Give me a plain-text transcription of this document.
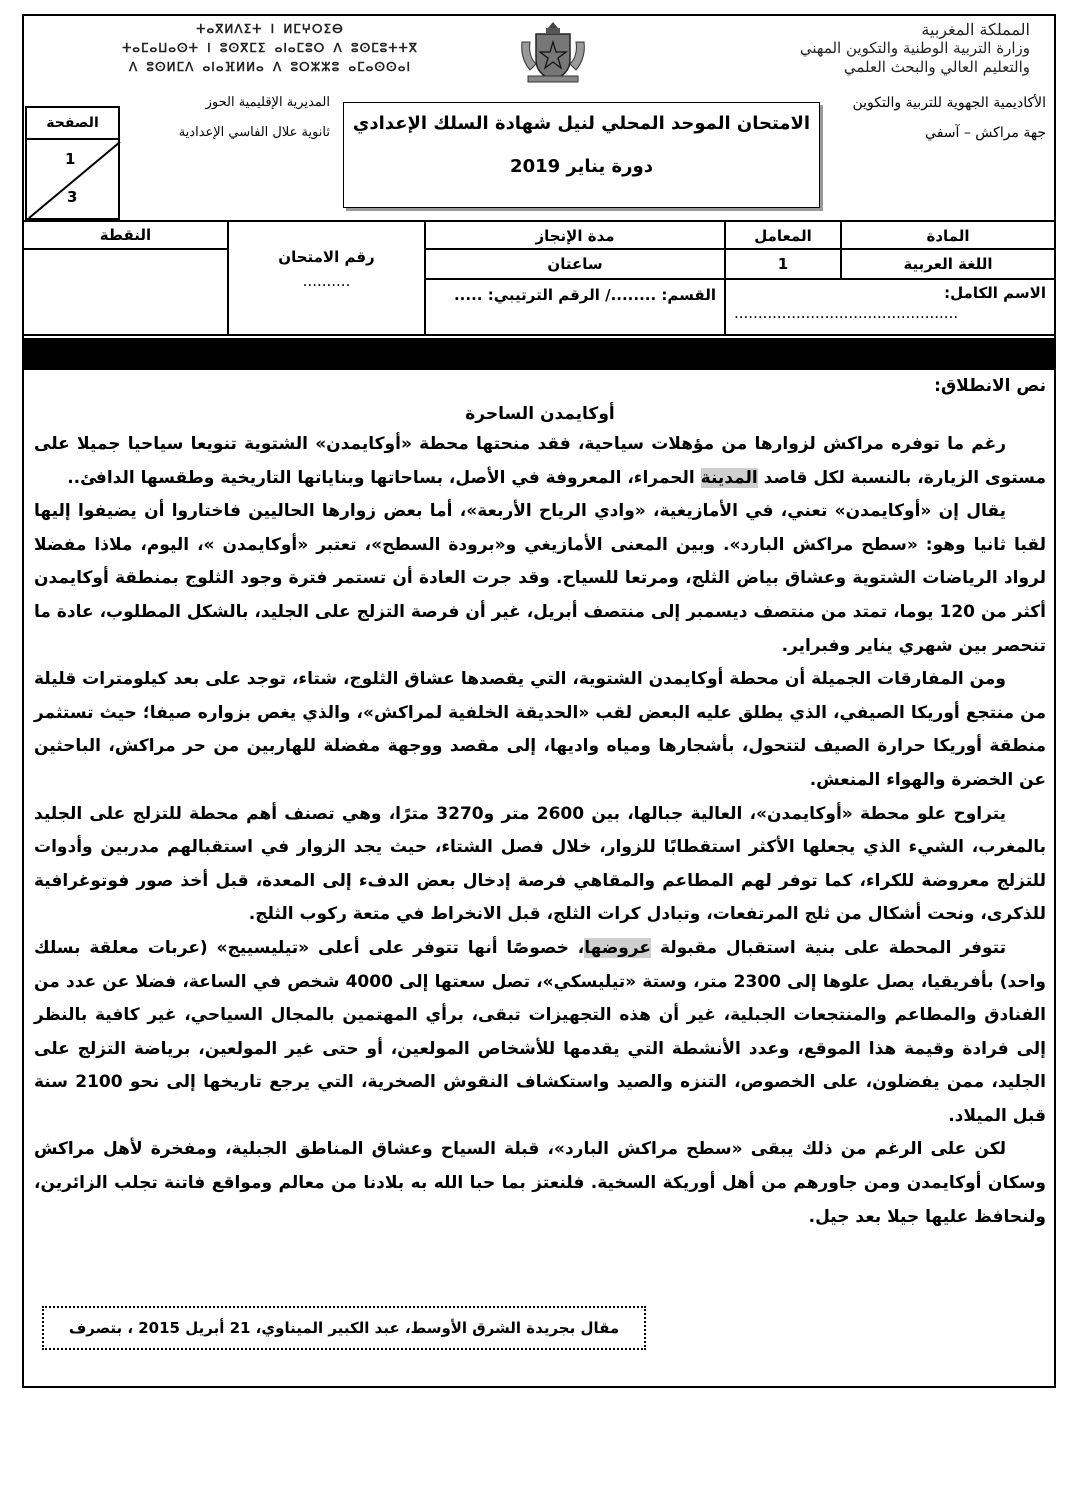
المملكة المغربية
وزارة التربية الوطنية والتكوين المهني
والتعليم العالي والبحث العلمي
ⵜⴰⴳⵍⴷⵉⵜ ⵏ ⵍⵎⵖⵔⵉⴱ
ⵜⴰⵎⴰⵡⴰⵙⵜ ⵏ ⵓⵙⴳⵎⵉ ⴰⵏⴰⵎⵓⵔ ⴷ ⵓⵙⵎⵓⵜⵜⴳ
ⴷ ⵓⵙⵍⵎⴷ ⴰⵏⴰⴼⵍⵍⴰ ⴷ ⵓⵔⵣⵣⵓ ⴰⵎⴰⵙⵙⴰⵏ
الأكاديمية الجهوية للتربية والتكوين
جهة مراكش – آسفي
المديرية الإقليمية الحوز
ثانوية علال الفاسي الإعدادية	الامتحان الموحد المحلي لنيل شهادة السلك الإعدادي
دورة يناير 2019
الصفحة
1
3
المادة
المعامل
مدة الإنجاز
رقم الامتحان
..........
النقطة
اللغة العربية
1
ساعتان
الاسم الكامل:
...............................................
القسم: ......../ الرقم الترتيبي: .....
نص الانطلاق:
أوكايمدن الساحرة

رغم ما توفره مراكش لزوارها من مؤهلات سياحية، فقد منحتها محطة «أوكايمدن» الشتوية تنويعا سياحيا جميلا على مستوى الزيارة، بالنسبة لكل قاصد المدينة الحمراء، المعروفة في الأصل، بساحاتها وبناياتها التاريخية وطقسها الدافئ..

يقال إن «أوكايمدن» تعني، في الأمازيغية، «وادي الرياح الأربعة»، أما بعض زوارها الحاليين فاختاروا أن يضيفوا إليها لقبا ثانيا وهو: «سطح مراكش البارد». وبين المعنى الأمازيغي و«برودة السطح»، تعتبر «أوكايمدن »، اليوم، ملاذا مفضلا لرواد الرياضات الشتوية وعشاق بياض الثلج، ومرتعا للسياح. وقد جرت العادة أن تستمر فترة وجود الثلوج بمنطقة أوكايمدن أكثر من 120 يوما، تمتد من منتصف ديسمبر إلى منتصف أبريل، غير أن فرصة التزلج على الجليد، بالشكل المطلوب، عادة ما تنحصر بين شهري يناير وفبراير.

ومن المفارقات الجميلة أن محطة أوكايمدن الشتوية، التي يقصدها عشاق الثلوج، شتاء، توجد على بعد كيلومترات قليلة من منتجع أوريكا الصيفي، الذي يطلق عليه البعض لقب «الحديقة الخلفية لمراكش»، والذي يغص بزواره صيفا؛ حيث تستثمر منطقة أوريكا حرارة الصيف لتتحول، بأشجارها ومياه واديها، إلى مقصد ووجهة مفضلة للهاربين من حر مراكش، الباحثين عن الخضرة والهواء المنعش.

يتراوح علو محطة «أوكايمدن»، العالية جبالها، بين 2600 متر و3270 مترًا، وهي تصنف أهم محطة للتزلج على الجليد بالمغرب، الشيء الذي يجعلها الأكثر استقطابًا للزوار، خلال فصل الشتاء، حيث يجد الزوار في استقبالهم مدربين وأدوات للتزلج معروضة للكراء، كما توفر لهم المطاعم والمقاهي فرصة إدخال بعض الدفء إلى المعدة، قبل أخذ صور فوتوغرافية للذكرى، ونحت أشكال من ثلج المرتفعات، وتبادل كرات الثلج، قبل الانخراط في متعة ركوب الثلج.

تتوفر المحطة على بنية استقبال مقبولة عروضها، خصوصًا أنها تتوفر على أعلى «تيليسييج» (عربات معلقة بسلك واحد) بأفريقيا، يصل علوها إلى 2300 متر، وستة «تيليسكي»، تصل سعتها إلى 4000 شخص في الساعة، فضلا عن عدد من الفنادق والمطاعم والمنتجعات الجبلية، غير أن هذه التجهيزات تبقى، برأي المهتمين بالمجال السياحي، غير كافية بالنظر إلى فرادة وقيمة هذا الموقع، وعدد الأنشطة التي يقدمها للأشخاص المولعين، أو حتى غير المولعين، برياضة التزلج على الجليد، ممن يفضلون، على الخصوص، التنزه والصيد واستكشاف النقوش الصخرية، التي يرجع تاريخها إلى نحو 2100 سنة قبل الميلاد.

لكن على الرغم من ذلك يبقى «سطح مراكش البارد»، قبلة السياح وعشاق المناطق الجبلية، ومفخرة لأهل مراكش وسكان أوكايمدن ومن جاورهم من أهل أوريكة السخية. فلنعتز بما حبا الله به بلادنا من معالم ومواقع فاتنة تجلب الزائرين، ولنحافظ عليها جيلا بعد جيل.

مقال بجريدة الشرق الأوسط، عبد الكبير الميناوي، 21 أبريل 2015 ، بتصرف
